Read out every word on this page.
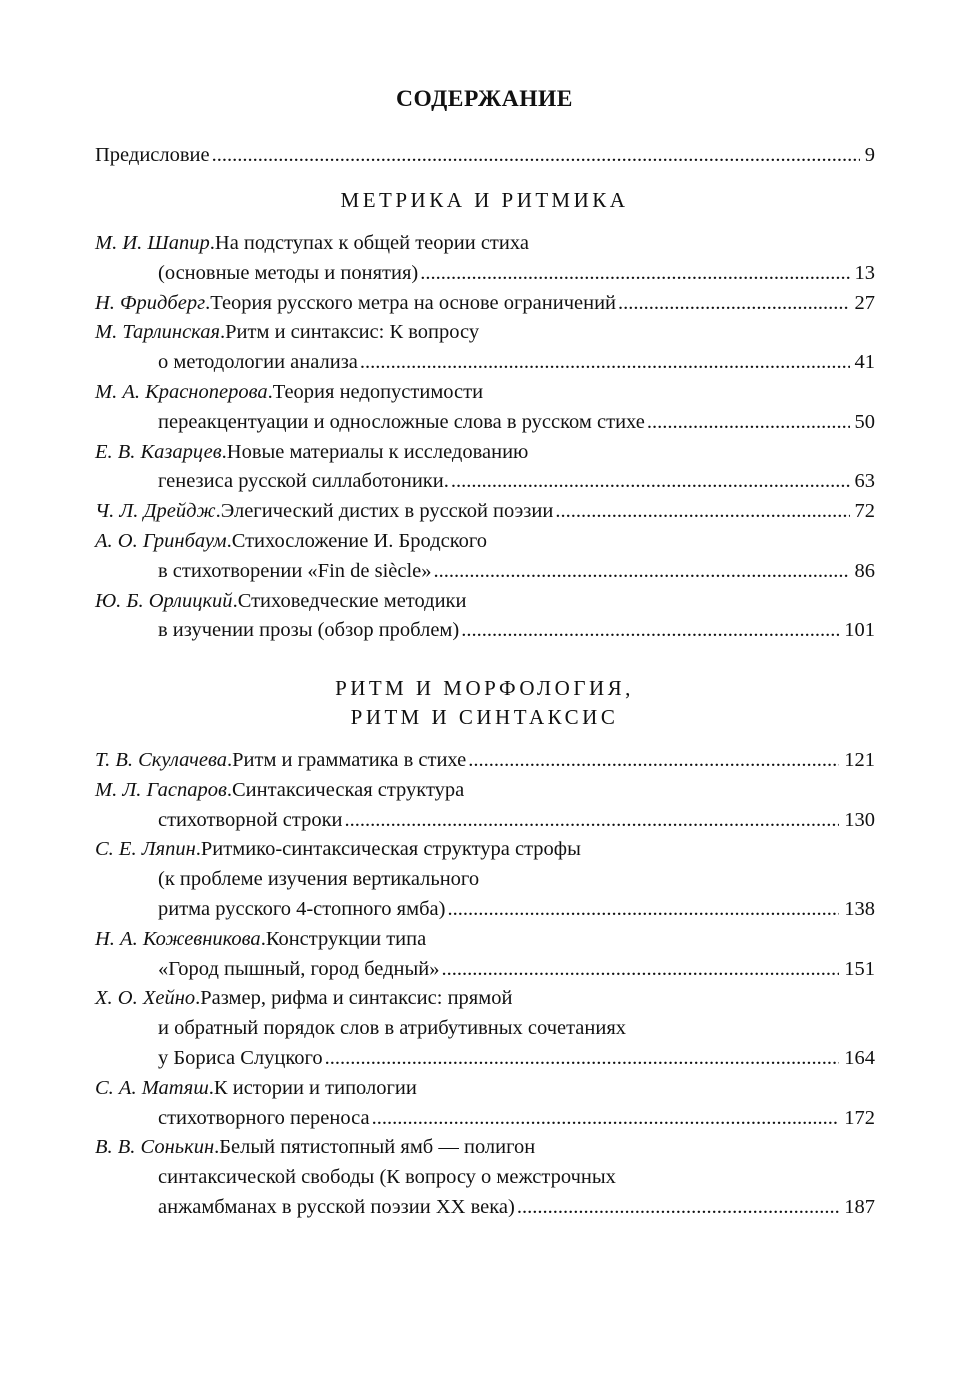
СОДЕРЖАНИЕ
Предисловие .....	9
МЕТРИКА И РИТМИКА
М. И. Шапир . На подступах к общей теории стиха
(основные методы и понятия) .....	13
Н. Фридберг . Теория русского метра на основе ограничений .....	27
М. Тарлинская . Ритм и синтаксис: К вопросу
о методологии анализа .....	41
М. А. Красноперова . Теория недопустимости
переакцентуации и односложные слова в русском стихе .....	50
Е. В. Казарцев . Новые материалы к исследованию
генезиса русской силлаботоники. .....	63
Ч. Л. Дрейдж . Элегический дистих в русской поэзии .....	72
А. О. Гринбаум . Стихосложение И. Бродского
в стихотворении «Fin de siècle» .....	86
Ю. Б. Орлицкий . Стиховедческие методики
в изучении прозы (обзор проблем) .....	101
РИТМ И МОРФОЛОГИЯ,
РИТМ И СИНТАКСИС
Т. В. Скулачева . Ритм и грамматика в стихе .....	121
М. Л. Гаспаров . Синтаксическая структура
стихотворной строки .....	130
С. Е. Ляпин . Ритмико-синтаксическая структура строфы
(к проблеме изучения вертикального
ритма русского 4-стопного ямба) .....	138
Н. А. Кожевникова . Конструкции типа
«Город пышный, город бедный» .....	151
Х. О. Хейно . Размер, рифма и синтаксис: прямой
и обратный порядок слов в атрибутивных сочетаниях
у Бориса Слуцкого .....	164
С. А. Матяш . К истории и типологии
стихотворного переноса .....	172
В. В. Сонькин . Белый пятистопный ямб — полигон
синтаксической свободы (К вопросу о межстрочных
анжамбманах в русской поэзии XX века) .....	187
